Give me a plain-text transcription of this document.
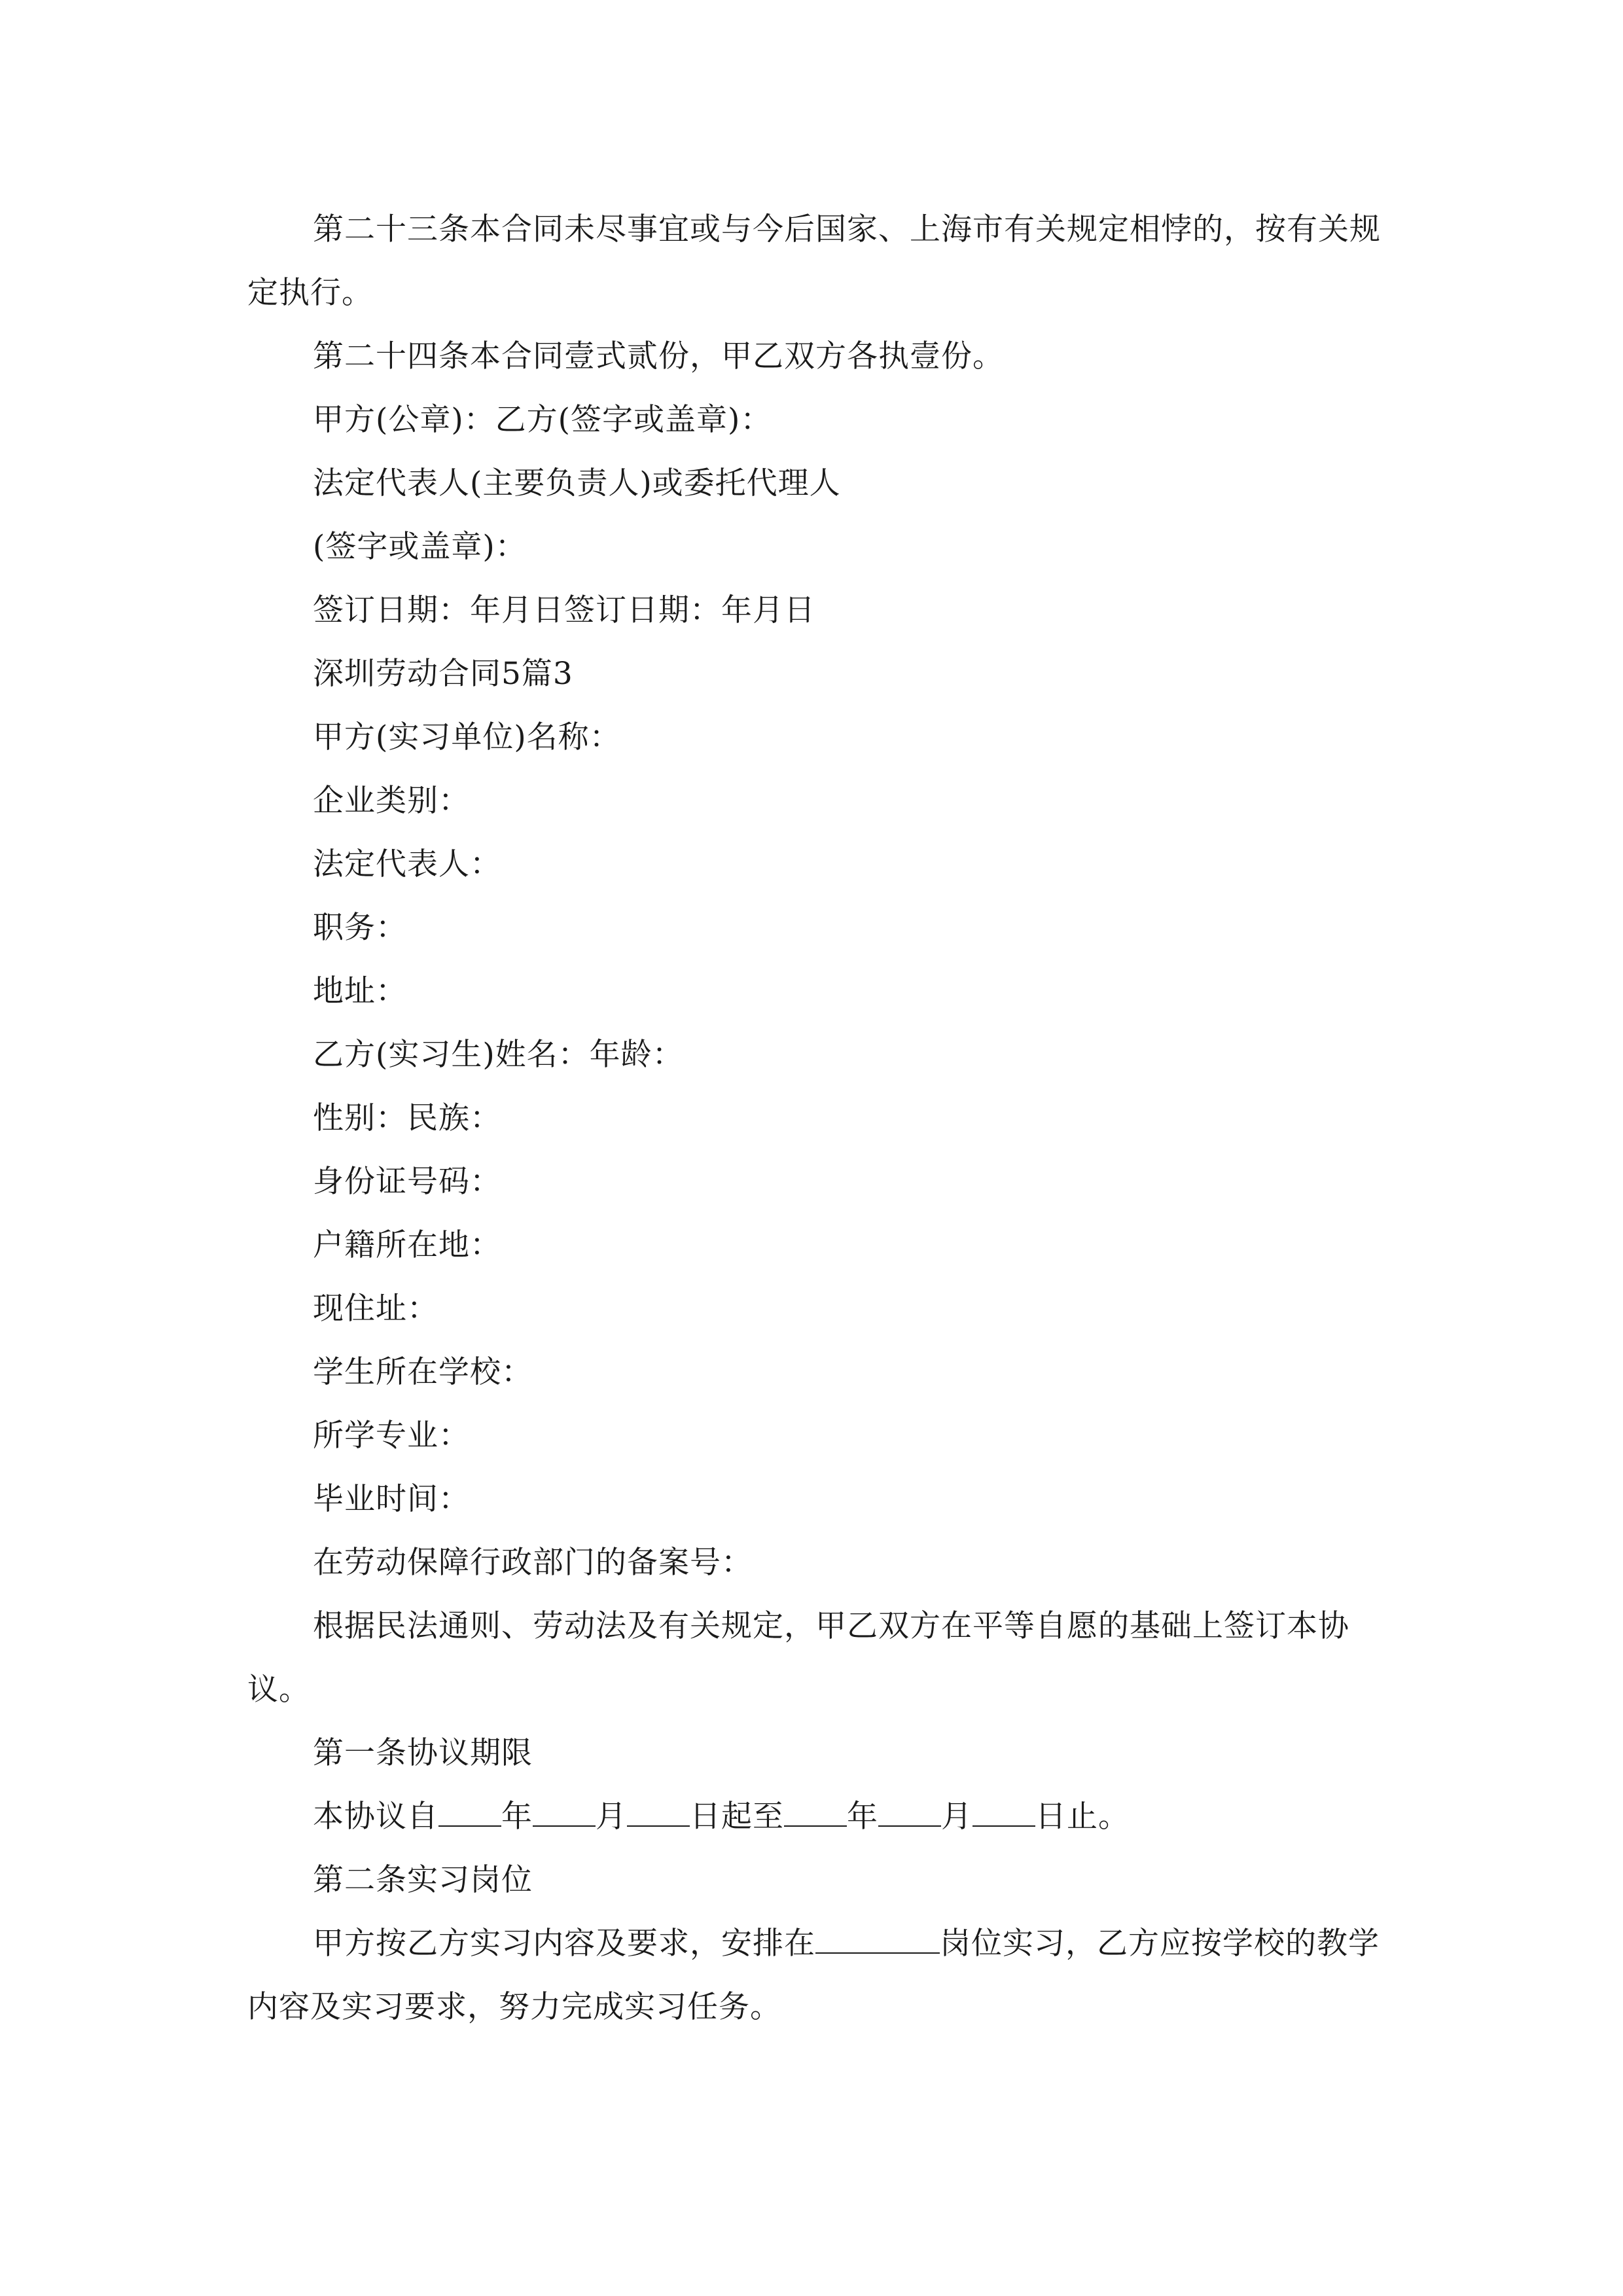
第二十三条本合同未尽事宜或与今后国家、上海市有关规定相悖的，按有关规定执行。

第二十四条本合同壹式贰份，甲乙双方各执壹份。

甲方(公章)：乙方(签字或盖章)：

法定代表人(主要负责人)或委托代理人

(签字或盖章)：

签订日期：年月日签订日期：年月日

深圳劳动合同5篇3

甲方(实习单位)名称：

企业类别：

法定代表人：

职务：

地址：

乙方(实习生)姓名：年龄：

性别：民族：

身份证号码：

户籍所在地：

现住址：

学生所在学校：

所学专业：

毕业时间：

在劳动保障行政部门的备案号：

根据民法通则、劳动法及有关规定，甲乙双方在平等自愿的基础上签订本协议。

第一条协议期限

本协议自 年 月 日起至 年 月 日止。

第二条实习岗位

甲方按乙方实习内容及要求，安排在	岗位实习，乙方应按学校的教学内容及实习要求，努力完成实习任务。
